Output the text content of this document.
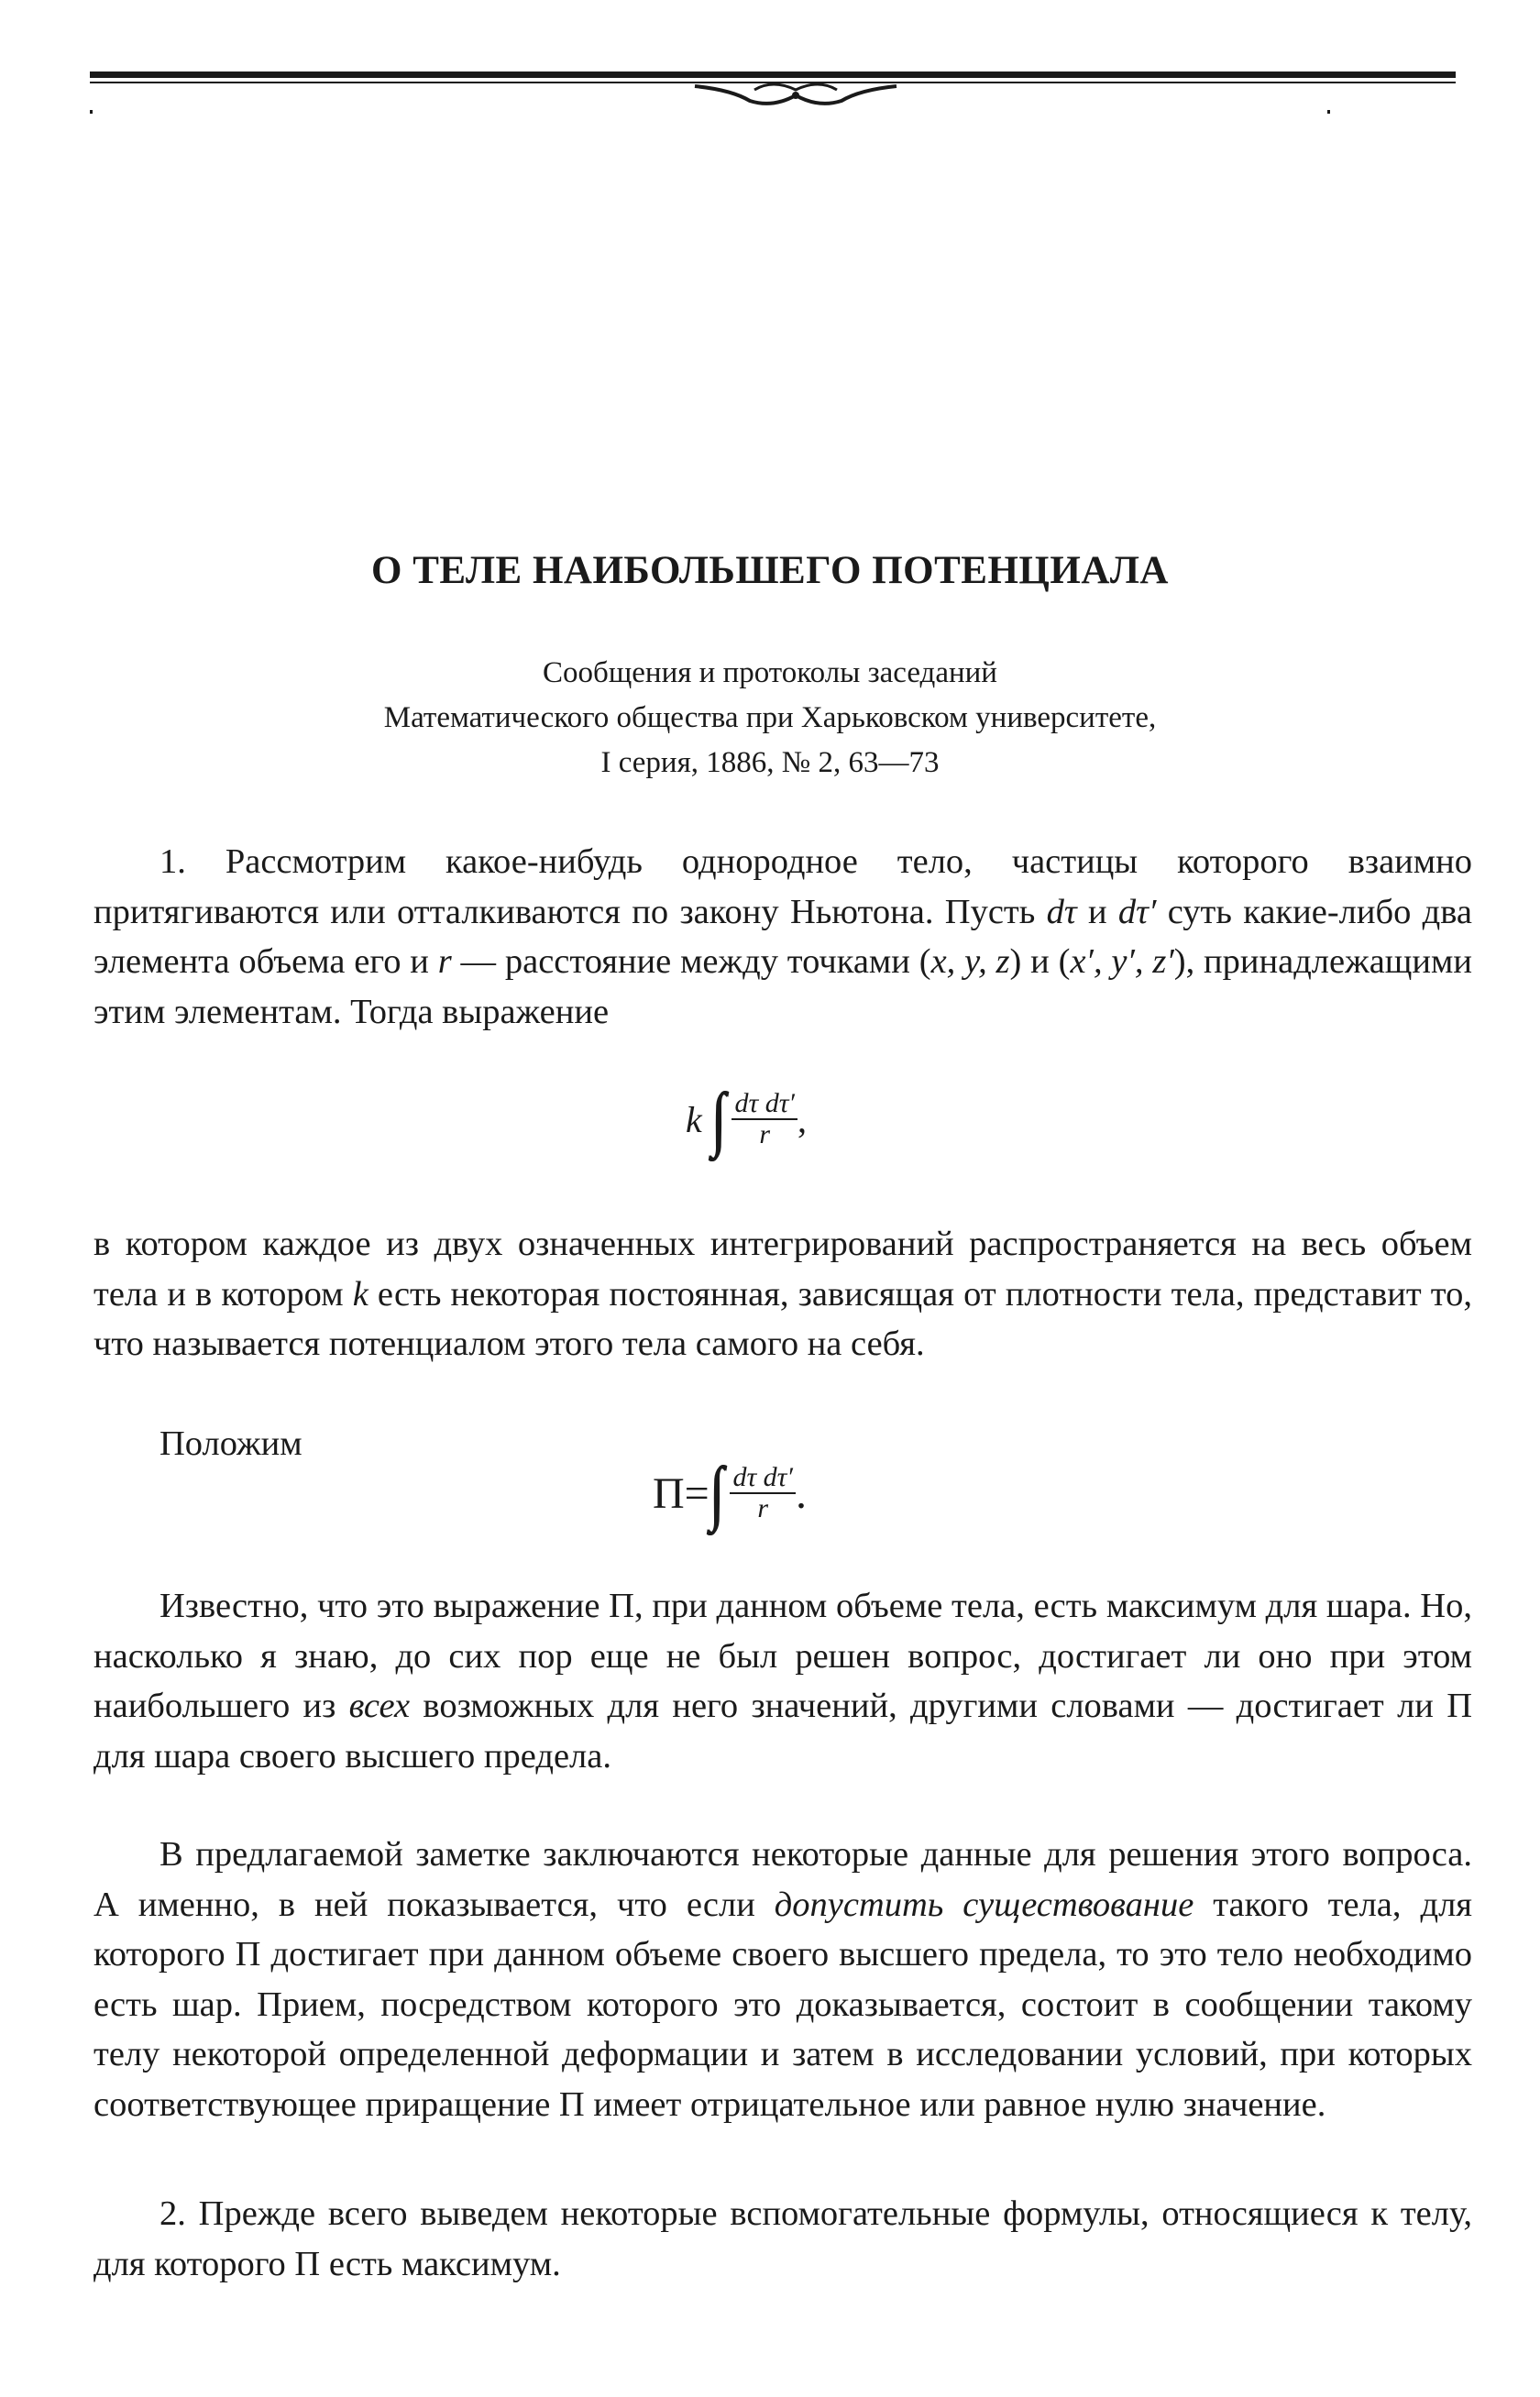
О ТЕЛЕ НАИБОЛЬШЕГО ПОТЕНЦИАЛА
Сообщения и протоколы заседаний
Математического общества при Харьковском университете,
I серия, 1886, № 2, 63—73

1. Рассмотрим какое-нибудь однородное тело, частицы которого взаимно притягиваются или отталкиваются по закону Ньютона. Пусть dτ и dτ′ суть какие-либо два элемента объема его и r — расстояние между точками (x, y, z) и (x′, y′, z′), принадлежащими этим элементам. Тогда выражение

k
∫∫ $\frac{\text{dτ dτ′}}{r}$ ,

в котором каждое из двух означенных интегрирований распространяется на весь объем тела и в котором k есть некоторая постоянная, зависящая от плотности тела, представит то, что называется потенциалом этого тела самого на себя.

Положим

П = ∫∫ $\frac{\text{dτ dτ′}}{r}$ .

Известно, что это выражение П, при данном объеме тела, есть максимум для шара. Но, насколько я знаю, до сих пор еще не был решен вопрос, достигает ли оно при этом наибольшего из всех возможных для него значений, другими словами — достигает ли П для шара своего высшего предела.

В предлагаемой заметке заключаются некоторые данные для решения этого вопроса. А именно, в ней показывается, что если допустить существование такого тела, для которого П достигает при данном объеме своего высшего предела, то это тело необходимо есть шар. Прием, посредством которого это доказывается, состоит в сообщении такому телу некоторой определенной деформации и затем в исследовании условий, при которых соответствующее приращение П имеет отрицательное или равное нулю значение.

2. Прежде всего выведем некоторые вспомогательные формулы, относящиеся к телу, для которого П есть максимум.
